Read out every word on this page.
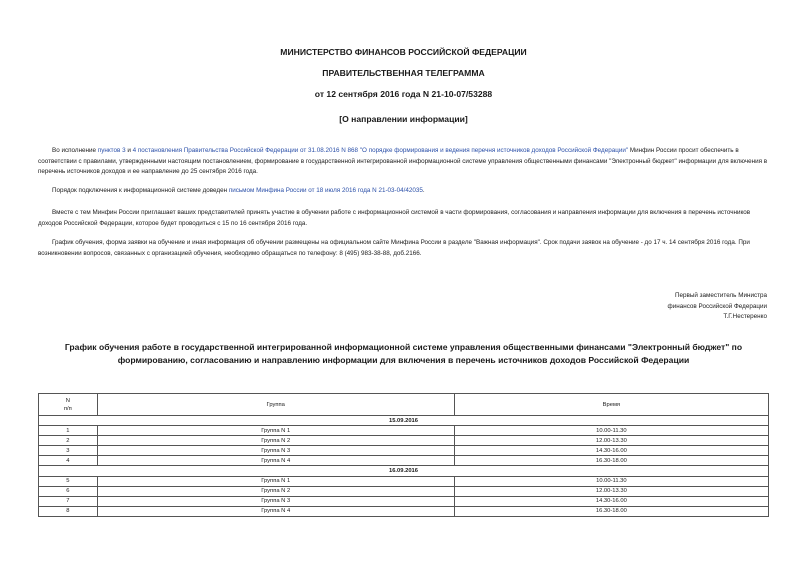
МИНИСТЕРСТВО ФИНАНСОВ РОССИЙСКОЙ ФЕДЕРАЦИИ
ПРАВИТЕЛЬСТВЕННАЯ ТЕЛЕГРАММА
от 12 сентября 2016 года N 21-10-07/53288
[О направлении информации]
Во исполнение пунктов 3 и 4 постановления Правительства Российской Федерации от 31.08.2016 N 868 "О порядке формирования и ведения перечня источников доходов Российской Федерации" Минфин России просит обеспечить в соответствии с правилами, утвержденными настоящим постановлением, формирование в государственной интегрированной информационной системе управления общественными финансами "Электронный бюджет" информации для включения в перечень источников доходов и ее направление до 25 сентября 2016 года.
Порядок подключения к информационной системе доведен письмом Минфина России от 18 июля 2016 года N 21-03-04/42035.
Вместе с тем Минфин России приглашает ваших представителей принять участие в обучении работе с информационной системой в части формирования, согласования и направления информации для включения в перечень источников доходов Российской Федерации, которое будет проводиться с 15 по 16 сентября 2016 года.
График обучения, форма заявки на обучение и иная информация об обучении размещены на официальном сайте Минфина России в разделе "Важная информация". Срок подачи заявок на обучение - до 17 ч. 14 сентября 2016 года. При возникновении вопросов, связанных с организацией обучения, необходимо обращаться по телефону: 8 (495) 983-38-88, доб.2166.
Первый заместитель Министра
финансов Российской Федерации
Т.Г.Нестеренко
График обучения работе в государственной интегрированной информационной системе управления общественными финансами "Электронный бюджет" по формированию, согласованию и направлению информации для включения в перечень источников доходов Российской Федерации
N
п/п	Группа	Время
15.09.2016		
1	Группа N 1	10.00-11.30
2	Группа N 2	12.00-13.30
3	Группа N 3	14.30-16.00
4	Группа N 4	16.30-18.00
16.09.2016		
5	Группа N 1	10.00-11.30
6	Группа N 2	12.00-13.30
7	Группа N 3	14.30-16.00
8	Группа N 4	16.30-18.00
